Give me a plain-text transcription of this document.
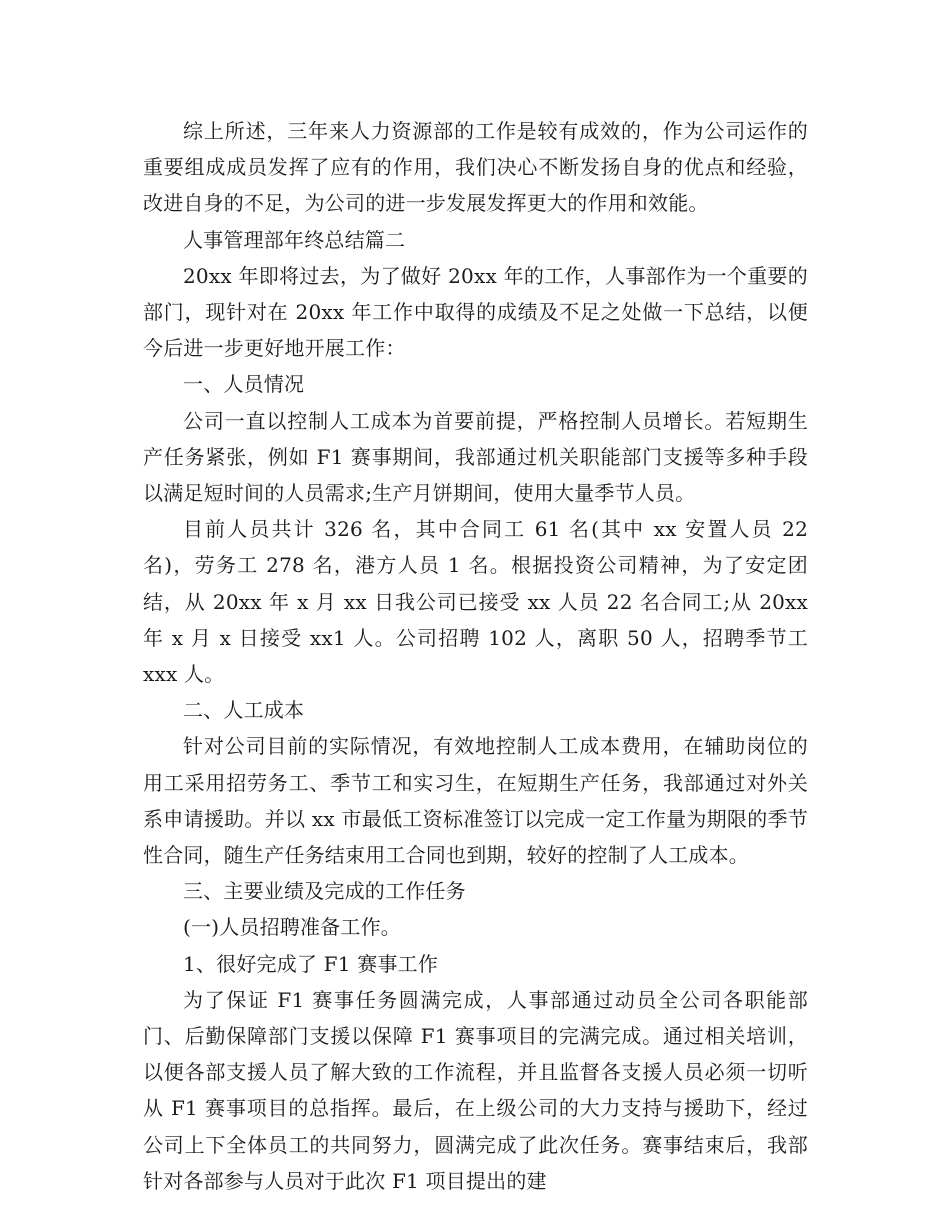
综上所述，三年来人力资源部的工作是较有成效的，作为公司运作的重要组成成员发挥了应有的作用，我们决心不断发扬自身的优点和经验，改进自身的不足，为公司的进一步发展发挥更大的作用和效能。

人事管理部年终总结篇二

20xx 年即将过去，为了做好 20xx 年的工作，人事部作为一个重要的部门，现针对在 20xx 年工作中取得的成绩及不足之处做一下总结，以便今后进一步更好地开展工作：

一、人员情况

公司一直以控制人工成本为首要前提，严格控制人员增长。若短期生产任务紧张，例如 F1 赛事期间，我部通过机关职能部门支援等多种手段以满足短时间的人员需求;生产月饼期间，使用大量季节人员。

目前人员共计 326 名，其中合同工 61 名(其中 xx 安置人员 22 名)，劳务工 278 名，港方人员 1 名。根据投资公司精神，为了安定团结，从 20xx 年 x 月 xx 日我公司已接受 xx 人员 22 名合同工;从 20xx 年 x 月 x 日接受 xx1 人。公司招聘 102 人，离职 50 人，招聘季节工 xxx 人。

二、人工成本

针对公司目前的实际情况，有效地控制人工成本费用，在辅助岗位的用工采用招劳务工、季节工和实习生，在短期生产任务，我部通过对外关系申请援助。并以 xx 市最低工资标准签订以完成一定工作量为期限的季节性合同，随生产任务结束用工合同也到期，较好的控制了人工成本。

三、主要业绩及完成的工作任务

(一)人员招聘准备工作。

1、很好完成了 F1 赛事工作

为了保证 F1 赛事任务圆满完成，人事部通过动员全公司各职能部门、后勤保障部门支援以保障 F1 赛事项目的完满完成。通过相关培训，以便各部支援人员了解大致的工作流程，并且监督各支援人员必须一切听从 F1 赛事项目的总指挥。最后，在上级公司的大力支持与援助下，经过公司上下全体员工的共同努力，圆满完成了此次任务。赛事结束后，我部针对各部参与人员对于此次 F1 项目提出的建
